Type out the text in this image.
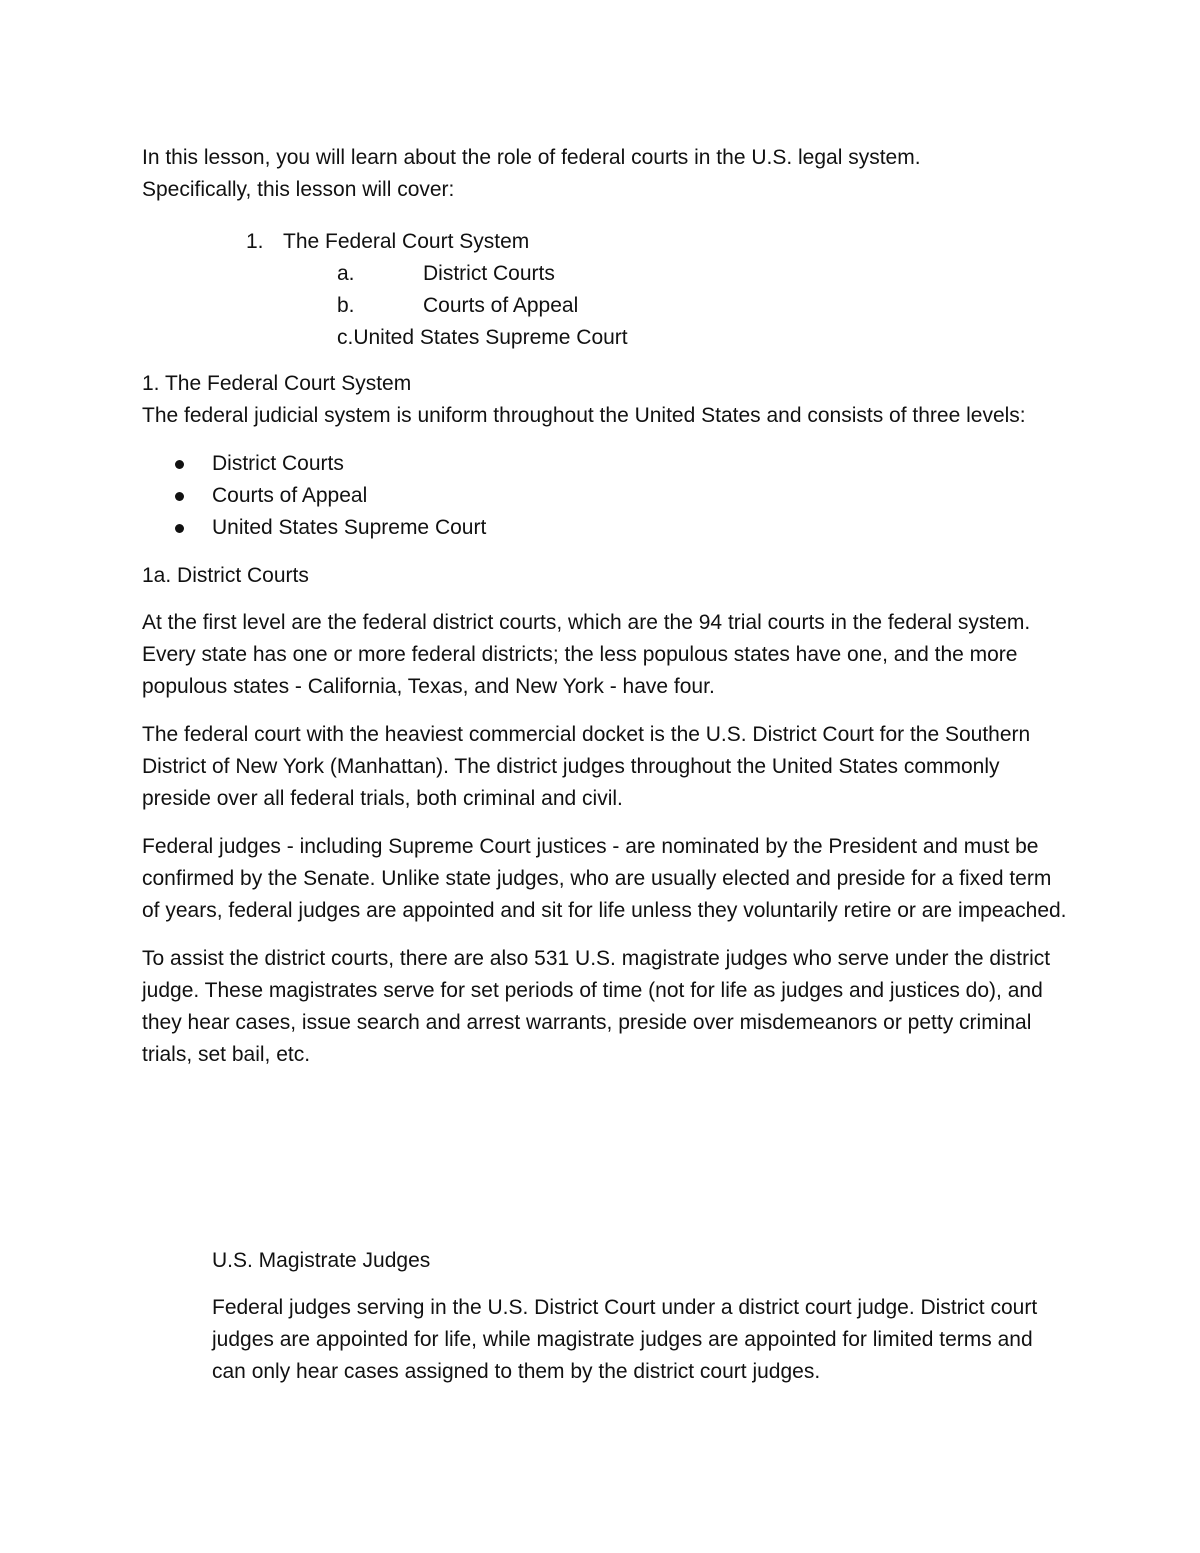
In this lesson, you will learn about the role of federal courts in the U.S. legal system.

Specifically, this lesson will cover:

1. The Federal Court System
a.	District Courts
b.	Courts of Appeal
c.United States Supreme Court

1. The Federal Court System

The federal judicial system is uniform throughout the United States and consists of three levels:

District Courts
Courts of Appeal
United States Supreme Court

1a. District Courts

At the first level are the federal district courts, which are the 94 trial courts in the federal system. Every state has one or more federal districts; the less populous states have one, and the more populous states - California, Texas, and New York - have four.

The federal court with the heaviest commercial docket is the U.S. District Court for the Southern District of New York (Manhattan). The district judges throughout the United States commonly preside over all federal trials, both criminal and civil.

Federal judges - including Supreme Court justices - are nominated by the President and must be confirmed by the Senate. Unlike state judges, who are usually elected and preside for a fixed term of years, federal judges are appointed and sit for life unless they voluntarily retire or are impeached.

To assist the district courts, there are also 531 U.S. magistrate judges who serve under the district judge. These magistrates serve for set periods of time (not for life as judges and justices do), and they hear cases, issue search and arrest warrants, preside over misdemeanors or petty criminal trials, set bail, etc.

U.S. Magistrate Judges

Federal judges serving in the U.S. District Court under a district court judge. District court judges are appointed for life, while magistrate judges are appointed for limited terms and can only hear cases assigned to them by the district court judges.
